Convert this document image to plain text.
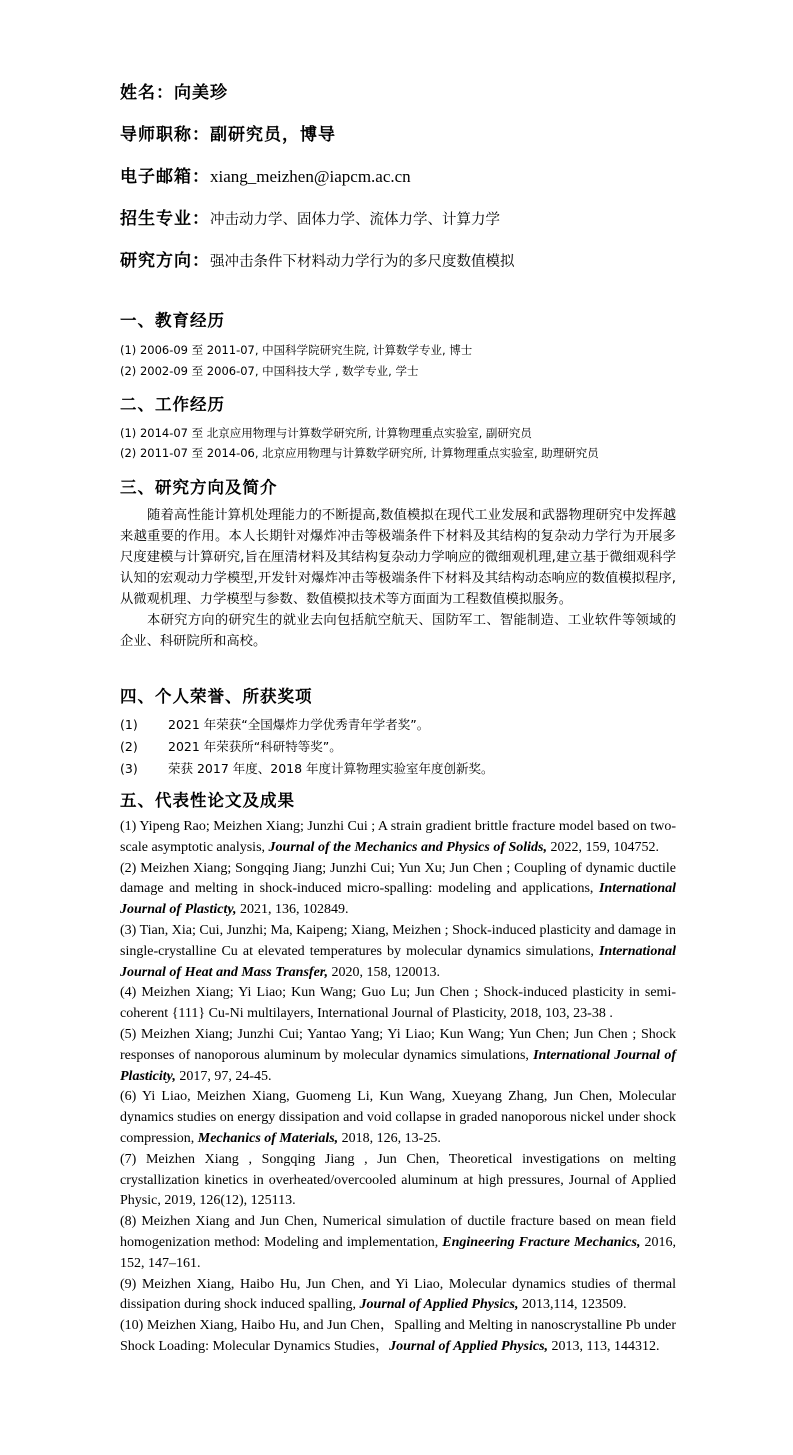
姓名：向美珍
导师职称：副研究员，博导
电子邮箱：xiang_meizhen@iapcm.ac.cn
招生专业：冲击动力学、固体力学、流体力学、计算力学
研究方向：强冲击条件下材料动力学行为的多尺度数值模拟
一、教育经历
(1) 2006-09 至 2011-07, 中国科学院研究生院, 计算数学专业, 博士
(2) 2002-09 至 2006-07, 中国科技大学 , 数学专业, 学士
二、工作经历
(1) 2014-07 至 北京应用物理与计算数学研究所, 计算物理重点实验室, 副研究员
(2) 2011-07 至 2014-06, 北京应用物理与计算数学研究所, 计算物理重点实验室, 助理研究员
三、研究方向及简介

随着高性能计算机处理能力的不断提高,数值模拟在现代工业发展和武器物理研究中发挥越来越重要的作用。本人长期针对爆炸冲击等极端条件下材料及其结构的复杂动力学行为开展多尺度建模与计算研究,旨在厘清材料及其结构复杂动力学响应的微细观机理,建立基于微细观科学认知的宏观动力学模型,开发针对爆炸冲击等极端条件下材料及其结构动态响应的数值模拟程序,从微观机理、力学模型与参数、数值模拟技术等方面面为工程数值模拟服务。

本研究方向的研究生的就业去向包括航空航天、国防军工、智能制造、工业软件等领域的企业、科研院所和高校。

四、个人荣誉、所获奖项
(1) 2021 年荣获“全国爆炸力学优秀青年学者奖”。
(2) 2021 年荣获所“科研特等奖”。
(3) 荣获 2017 年度、2018 年度计算物理实验室年度创新奖。
五、代表性论文及成果

(1) Yipeng Rao; Meizhen Xiang; Junzhi Cui ; A strain gradient brittle fracture model based on two-scale asymptotic analysis, Journal of the Mechanics and Physics of Solids, 2022, 159, 104752.

(2) Meizhen Xiang; Songqing Jiang; Junzhi Cui; Yun Xu; Jun Chen ; Coupling of dynamic ductile damage and melting in shock-induced micro-spalling: modeling and applications, International Journal of Plasticty, 2021, 136, 102849.

(3) Tian, Xia; Cui, Junzhi; Ma, Kaipeng; Xiang, Meizhen ; Shock-induced plasticity and damage in single-crystalline Cu at elevated temperatures by molecular dynamics simulations, International Journal of Heat and Mass Transfer, 2020, 158, 120013.

(4) Meizhen Xiang; Yi Liao; Kun Wang; Guo Lu; Jun Chen ; Shock-induced plasticity in semi-coherent {111} Cu-Ni multilayers, International Journal of Plasticity, 2018, 103, 23-38 .

(5) Meizhen Xiang; Junzhi Cui; Yantao Yang; Yi Liao; Kun Wang; Yun Chen; Jun Chen ; Shock responses of nanoporous aluminum by molecular dynamics simulations, International Journal of Plasticity, 2017, 97, 24-45.

(6) Yi Liao, Meizhen Xiang, Guomeng Li, Kun Wang, Xueyang Zhang, Jun Chen, Molecular dynamics studies on energy dissipation and void collapse in graded nanoporous nickel under shock compression, Mechanics of Materials, 2018, 126, 13-25.

(7) Meizhen Xiang , Songqing Jiang , Jun Chen, Theoretical investigations on melting crystallization kinetics in overheated/overcooled aluminum at high pressures, Journal of Applied Physic, 2019, 126(12), 125113.

(8) Meizhen Xiang and Jun Chen, Numerical simulation of ductile fracture based on mean field homogenization method: Modeling and implementation, Engineering Fracture Mechanics, 2016, 152, 147–161.

(9) Meizhen Xiang, Haibo Hu, Jun Chen, and Yi Liao, Molecular dynamics studies of thermal dissipation during shock induced spalling, Journal of Applied Physics, 2013,114, 123509.

(10) Meizhen Xiang, Haibo Hu, and Jun Chen，Spalling and Melting in nanoscrystalline Pb under Shock Loading: Molecular Dynamics Studies，Journal of Applied Physics, 2013, 113, 144312.
